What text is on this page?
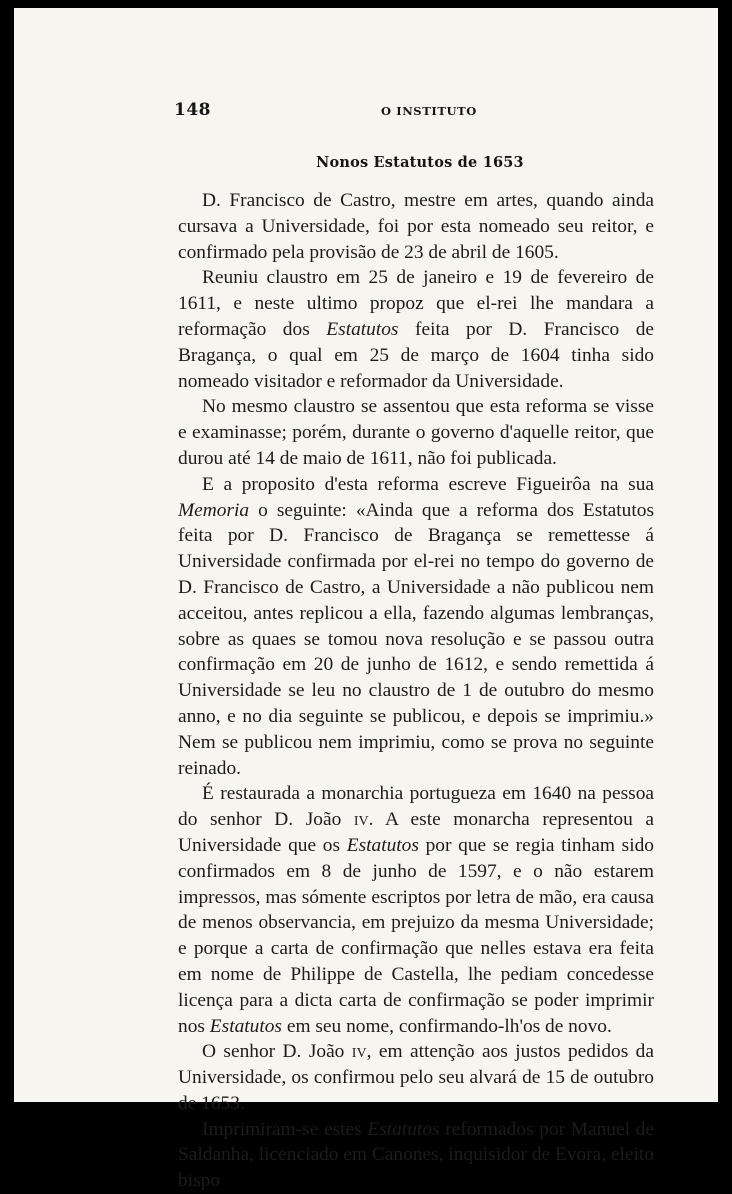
148	O INSTITUTO
Nonos Estatutos de 1653

D. Francisco de Castro, mestre em artes, quando ainda cursava a Universidade, foi por esta nomeado seu reitor, e confirmado pela provisão de 23 de abril de 1605.

Reuniu claustro em 25 de janeiro e 19 de fevereiro de 1611, e neste ultimo propoz que el-rei lhe mandara a reformação dos Estatutos feita por D. Francisco de Bragança, o qual em 25 de março de 1604 tinha sido nomeado visitador e reformador da Universidade.

No mesmo claustro se assentou que esta reforma se visse e examinasse; porém, durante o governo d'aquelle reitor, que durou até 14 de maio de 1611, não foi publicada.

E a proposito d'esta reforma escreve Figueirôa na sua Memoria o seguinte: «Ainda que a reforma dos Estatutos feita por D. Francisco de Bragança se remettesse á Universidade confirmada por el-rei no tempo do governo de D. Francisco de Castro, a Universidade a não publicou nem acceitou, antes replicou a ella, fazendo algumas lembranças, sobre as quaes se tomou nova resolução e se passou outra confirmação em 20 de junho de 1612, e sendo remettida á Universidade se leu no claustro de 1 de outubro do mesmo anno, e no dia seguinte se publicou, e depois se imprimiu.» Nem se publicou nem imprimiu, como se prova no seguinte reinado.

É restaurada a monarchia portugueza em 1640 na pessoa do senhor D. João iv. A este monarcha representou a Universidade que os Estatutos por que se regia tinham sido confirmados em 8 de junho de 1597, e o não estarem impressos, mas sómente escriptos por letra de mão, era causa de menos observancia, em prejuizo da mesma Universidade; e porque a carta de confirmação que nelles estava era feita em nome de Philippe de Castella, lhe pediam concedesse licença para a dicta carta de confirmação se poder imprimir nos Estatutos em seu nome, confirmando-lh'os de novo.

O senhor D. João iv, em attenção aos justos pedidos da Universidade, os confirmou pelo seu alvará de 15 de outubro de 1653.

Imprimiram-se estes Estatutos reformados por Manuel de Saldanha, licenciado em Canones, inquisidor de Evora, eleito bispo
